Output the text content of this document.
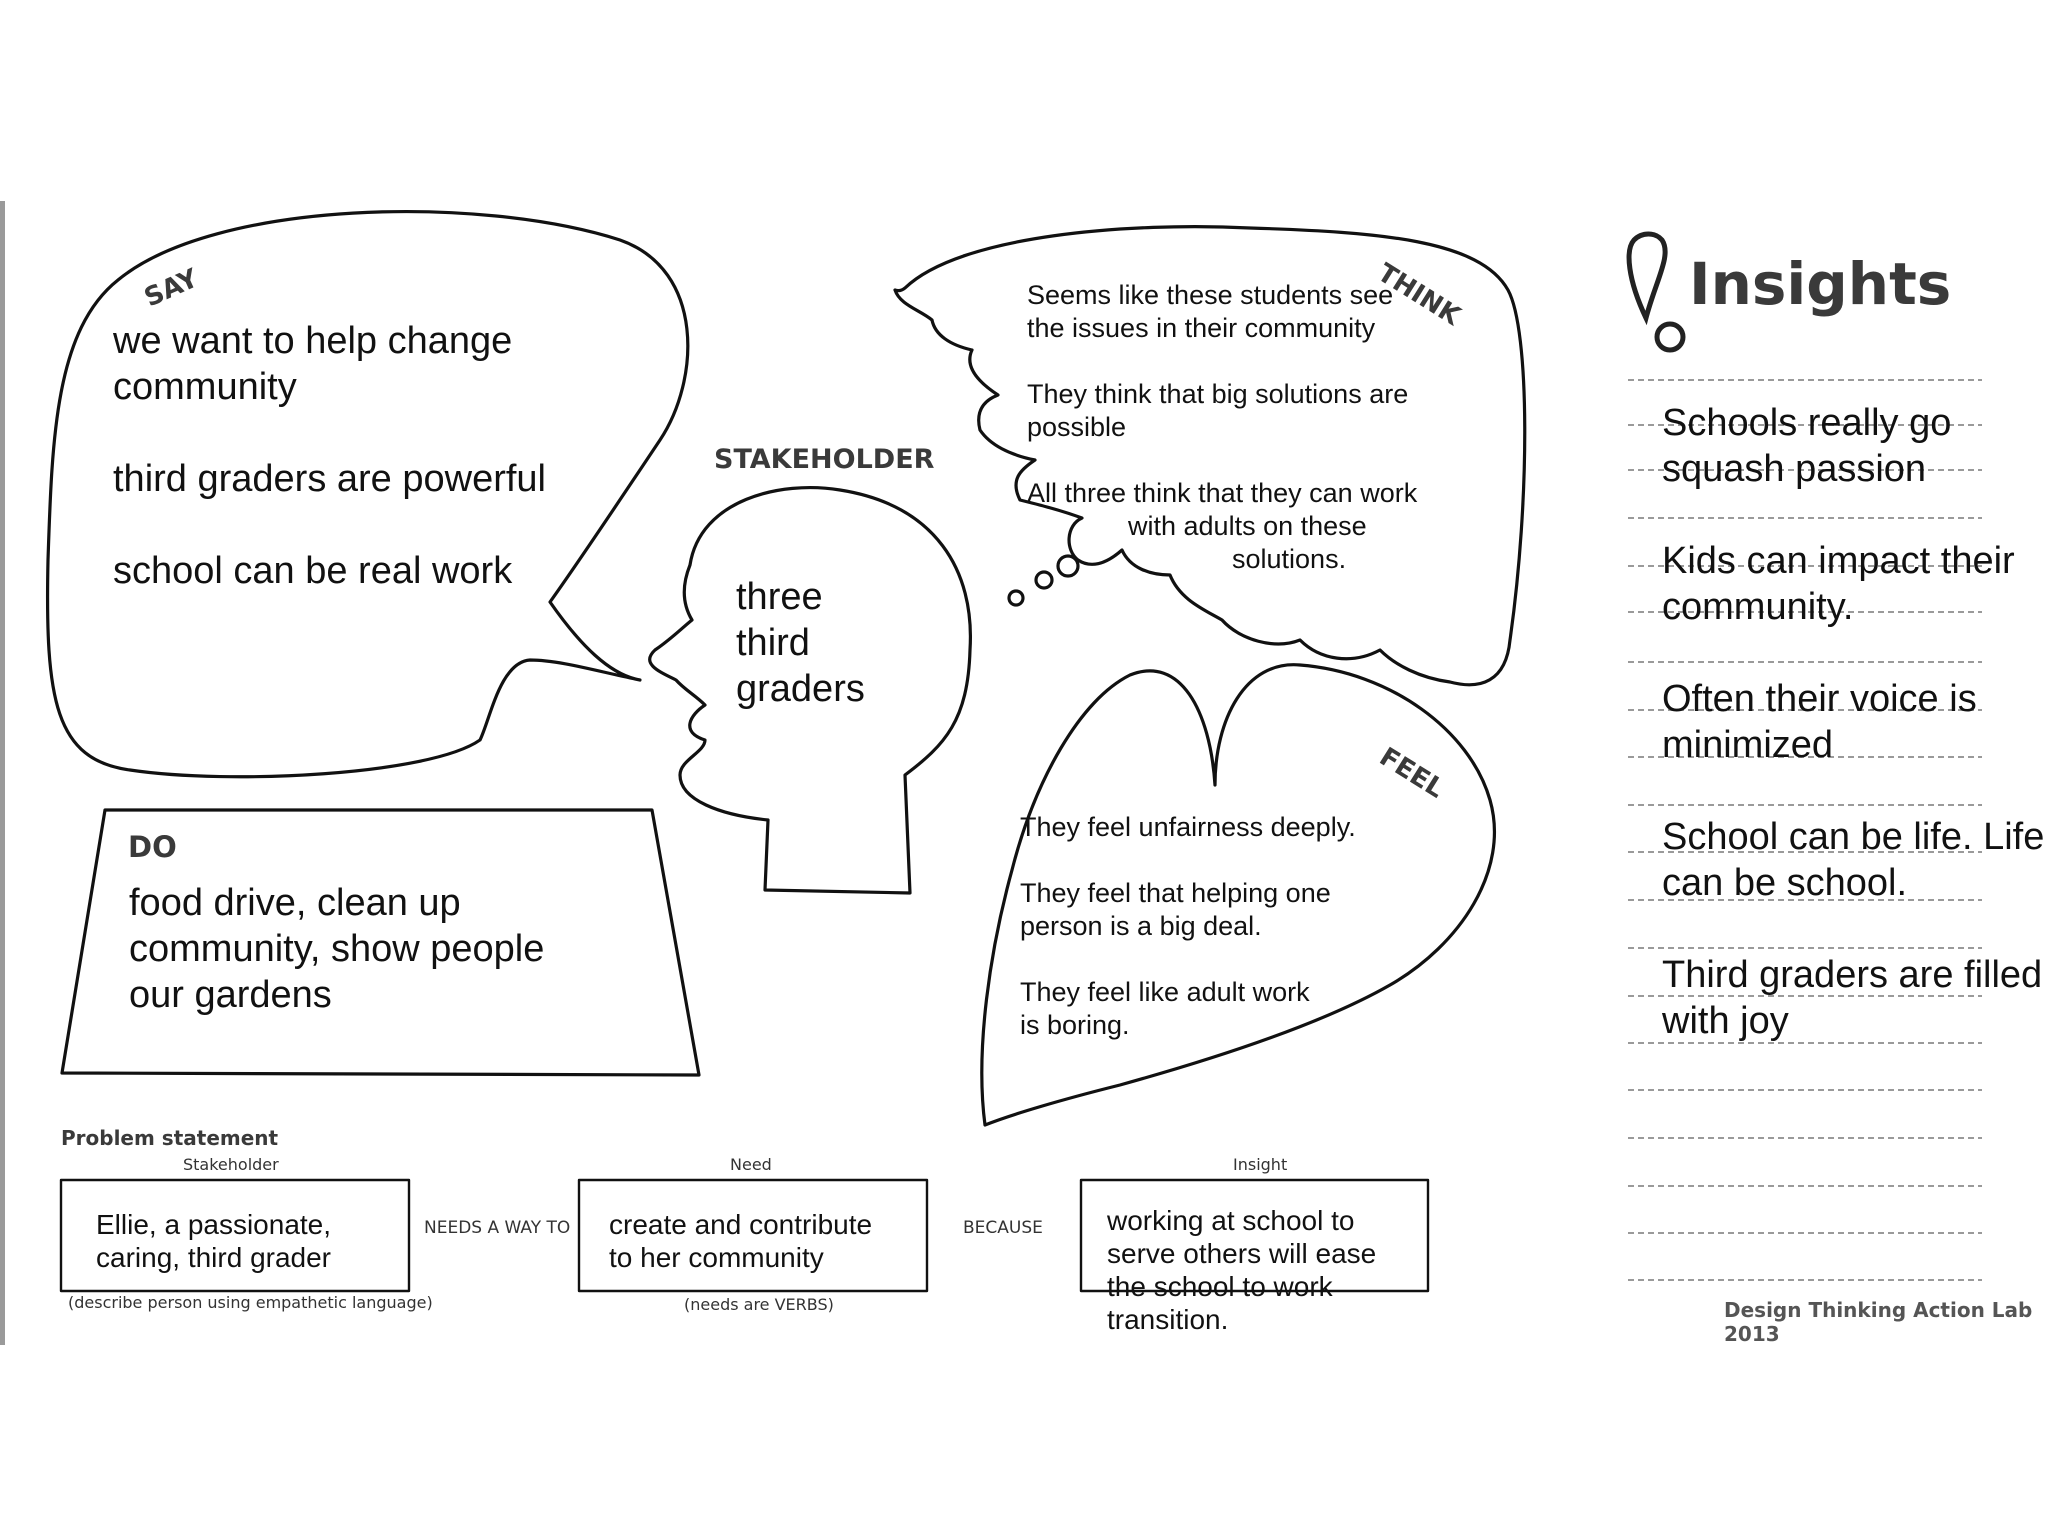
SAY
we want to help change
community

third graders are powerful

school can be real work
STAKEHOLDER
three
third
graders
THINK
Seems like these students see
the issues in their community
They think that big solutions are
possible
All three think that they can work
with adults on these
solutions.
FEEL
They feel unfairness deeply.

They feel that helping one
person is a big deal.

They feel like adult work
is boring.
DO
food drive, clean up
community, show people
our gardens
Insights
Schools really go squash passion
Kids can impact their community.
Often their voice is minimized
School can be life. Life can be school.
Third graders are filled with joy
Problem statement
Stakeholder	Need	Insight
Ellie, a passionate,
caring, third grader
create and contribute
to her community
working at school to
serve others will ease
the school to work
transition.
NEEDS A WAY TO	BECAUSE
(describe person using empathetic language)	(needs are VERBS)	Design Thinking Action Lab 2013
